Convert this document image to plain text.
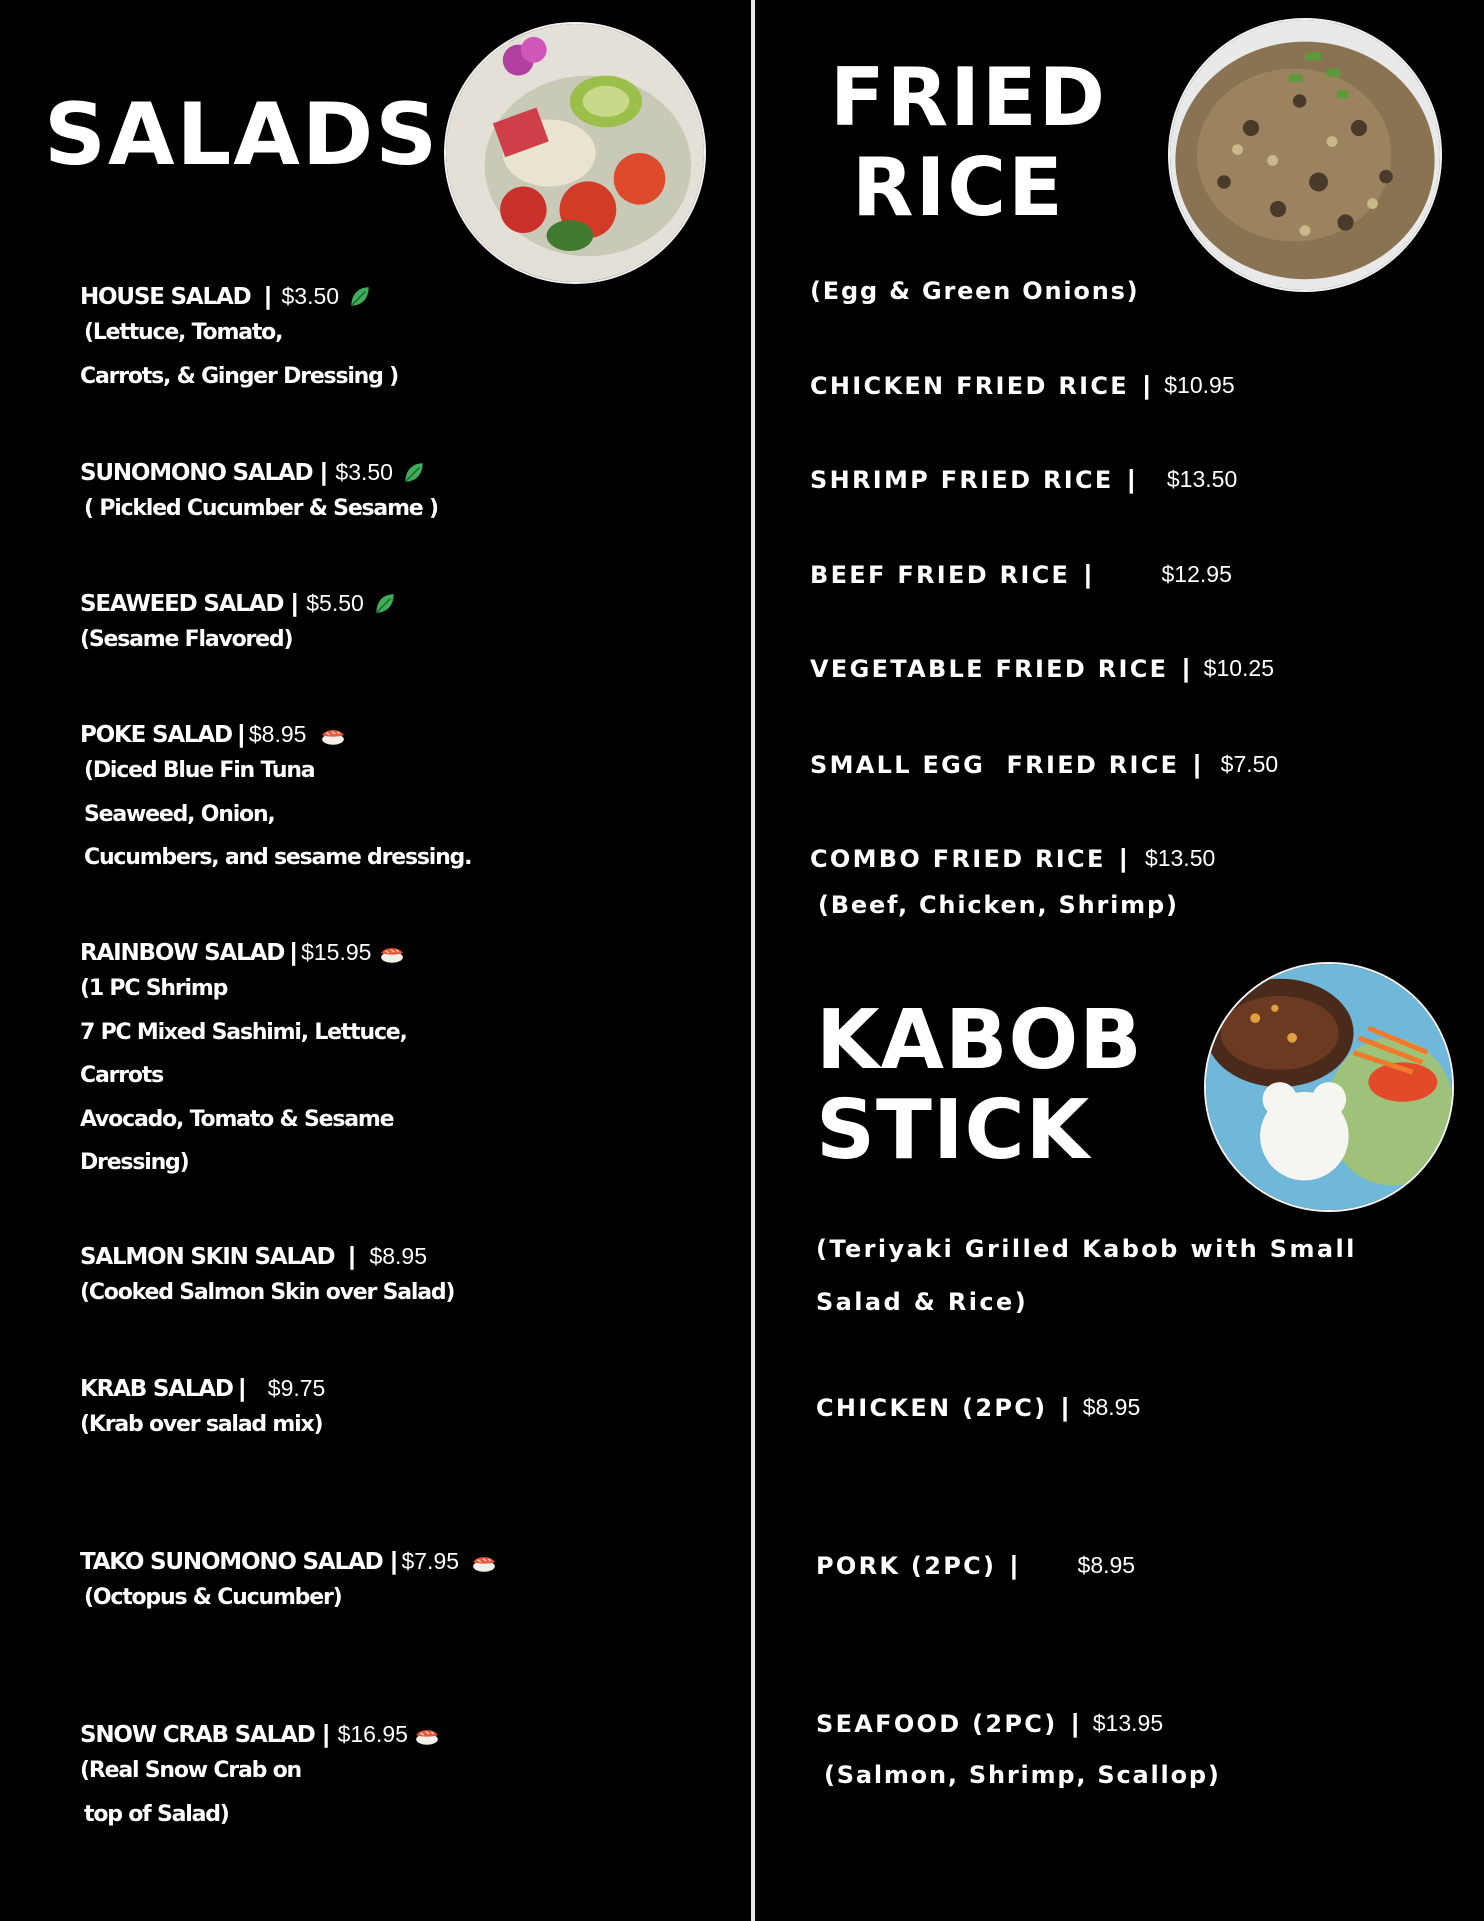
SALADS
HOUSE SALAD | $3.50
(Lettuce, Tomato,
Carrots, & Ginger Dressing )
SUNOMONO SALAD | $3.50
( Pickled Cucumber & Sesame )
SEAWEED SALAD | $5.50
(Sesame Flavored)
POKE SALAD | $8.95
(Diced Blue Fin Tuna
Seaweed, Onion,
Cucumbers, and sesame dressing.
RAINBOW SALAD | $15.95
(1 PC Shrimp
7 PC Mixed Sashimi, Lettuce,
Carrots
Avocado, Tomato & Sesame
Dressing)
SALMON SKIN SALAD | $8.95
(Cooked Salmon Skin over Salad)
KRAB SALAD | $9.75
(Krab over salad mix)
TAKO SUNOMONO SALAD | $7.95
(Octopus & Cucumber)
SNOW CRAB SALAD | $16.95
(Real Snow Crab on
top of Salad)
FRIED
RICE
(Egg & Green Onions)
CHICKEN FRIED RICE | $10.95
SHRIMP FRIED RICE | $13.50
BEEF FRIED RICE |	$12.95
VEGETABLE FRIED RICE | $10.25
SMALL EGG  FRIED RICE | $7.50
COMBO FRIED RICE | $13.50
(Beef, Chicken, Shrimp)
KABOB
STICK
(Teriyaki Grilled Kabob with Small
Salad & Rice)
CHICKEN (2PC) | $8.95
PORK (2PC) |	$8.95
SEAFOOD (2PC) | $13.95
(Salmon, Shrimp, Scallop)
